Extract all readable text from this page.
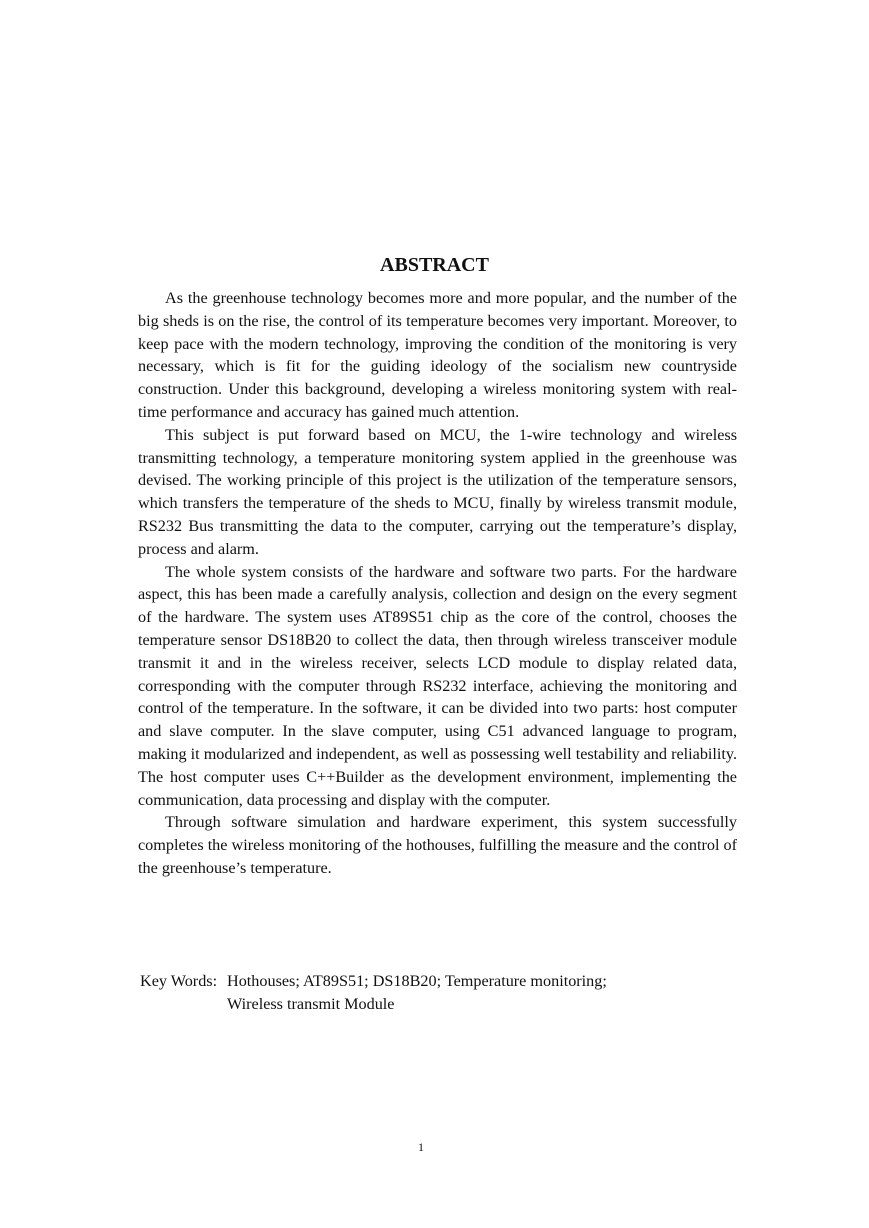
ABSTRACT

As the greenhouse technology becomes more and more popular, and the number of the big sheds is on the rise, the control of its temperature becomes very important. Moreover, to keep pace with the modern technology, improving the condition of the monitoring is very necessary, which is fit for the guiding ideology of the socialism new countryside construction. Under this background, developing a wireless monitoring system with real-time performance and accuracy has gained much attention.

This subject is put forward based on MCU, the 1-wire technology and wireless transmitting technology, a temperature monitoring system applied in the greenhouse was devised. The working principle of this project is the utilization of the temperature sensors, which transfers the temperature of the sheds to MCU, finally by wireless transmit module, RS232 Bus transmitting the data to the computer, carrying out the temperature’s display, process and alarm.

The whole system consists of the hardware and software two parts. For the hardware aspect, this has been made a carefully analysis, collection and design on the every segment of the hardware. The system uses AT89S51 chip as the core of the control, chooses the temperature sensor DS18B20 to collect the data, then through wireless transceiver module transmit it and in the wireless receiver, selects LCD module to display related data, corresponding with the computer through RS232 interface, achieving the monitoring and control of the temperature. In the software, it can be divided into two parts: host computer and slave computer. In the slave computer, using C51 advanced language to program, making it modularized and independent, as well as possessing well testability and reliability. The host computer uses C++Builder as the development environment, implementing the communication, data processing and display with the computer.

Through software simulation and hardware experiment, this system successfully completes the wireless monitoring of the hothouses, fulfilling the measure and the control of the greenhouse’s temperature.

Key Words: Hothouses; AT89S51; DS18B20; Temperature monitoring;
Wireless transmit Module
1
